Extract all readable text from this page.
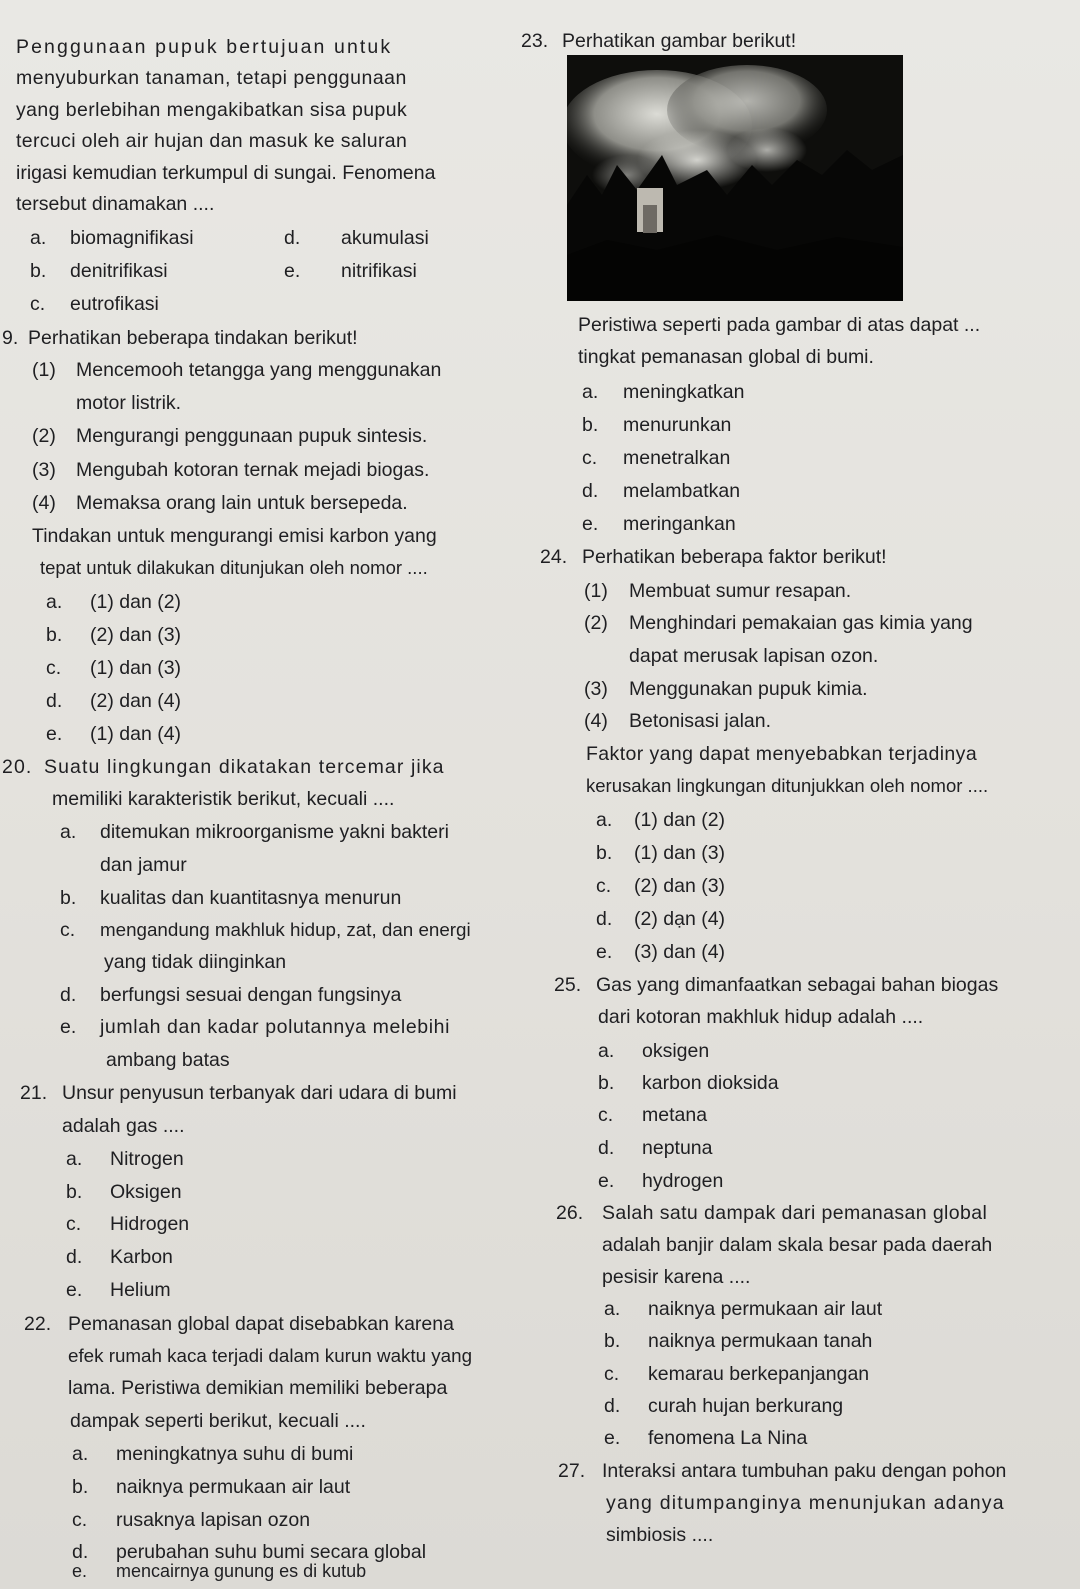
Penggunaan pupuk bertujuan untuk
menyuburkan tanaman, tetapi penggunaan
yang berlebihan mengakibatkan sisa pupuk
tercuci oleh air hujan dan masuk ke saluran
irigasi kemudian terkumpul di sungai. Fenomena
tersebut dinamakan ....
a. biomagnifikasi	d. akumulasi
b. denitrifikasi	e. nitrifikasi
c. eutrofikasi
9. Perhatikan beberapa tindakan berikut!
(1) Mencemooh tetangga yang menggunakan
motor listrik.
(2) Mengurangi penggunaan pupuk sintesis.
(3) Mengubah kotoran ternak mejadi biogas.
(4) Memaksa orang lain untuk bersepeda.
Tindakan untuk mengurangi emisi karbon yang
tepat untuk dilakukan ditunjukan oleh nomor ....
a. (1) dan (2)
b. (2) dan (3)
c. (1) dan (3)
d. (2) dan (4)
e. (1) dan (4)
20. Suatu lingkungan dikatakan tercemar jika
memiliki karakteristik berikut, kecuali ....
a. ditemukan mikroorganisme yakni bakteri
dan jamur
b. kualitas dan kuantitasnya menurun
c. mengandung makhluk hidup, zat, dan energi
yang tidak diinginkan
d. berfungsi sesuai dengan fungsinya
e. jumlah dan kadar polutannya melebihi
ambang batas
21. Unsur penyusun terbanyak dari udara di bumi
adalah gas ....
a. Nitrogen
b. Oksigen
c. Hidrogen
d. Karbon
e. Helium
22. Pemanasan global dapat disebabkan karena
efek rumah kaca terjadi dalam kurun waktu yang
lama. Peristiwa demikian memiliki beberapa
dampak seperti berikut, kecuali ....
a. meningkatnya suhu di bumi
b. naiknya permukaan air laut
c. rusaknya lapisan ozon
d. perubahan suhu bumi secara global
e. mencairnya gunung es di kutub
23. Perhatikan gambar berikut!
Peristiwa seperti pada gambar di atas dapat ...
tingkat pemanasan global di bumi.
a. meningkatkan
b. menurunkan
c. menetralkan
d. melambatkan
e. meringankan
24. Perhatikan beberapa faktor berikut!
(1) Membuat sumur resapan.
(2) Menghindari pemakaian gas kimia yang
dapat merusak lapisan ozon.
(3) Menggunakan pupuk kimia.
(4) Betonisasi jalan.
Faktor yang dapat menyebabkan terjadinya
kerusakan lingkungan ditunjukkan oleh nomor ....
a. (1) dan (2)
b. (1) dan (3)
c. (2) dan (3)
d. (2) dạn (4)
e. (3) dan (4)
25. Gas yang dimanfaatkan sebagai bahan biogas
dari kotoran makhluk hidup adalah ....
a. oksigen
b. karbon dioksida
c. metana
d. neptuna
e. hydrogen
26. Salah satu dampak dari pemanasan global
adalah banjir dalam skala besar pada daerah
pesisir karena ....
a. naiknya permukaan air laut
b. naiknya permukaan tanah
c. kemarau berkepanjangan
d. curah hujan berkurang
e. fenomena La Nina
27. Interaksi antara tumbuhan paku dengan pohon
yang ditumpanginya menunjukan adanya
simbiosis ....
